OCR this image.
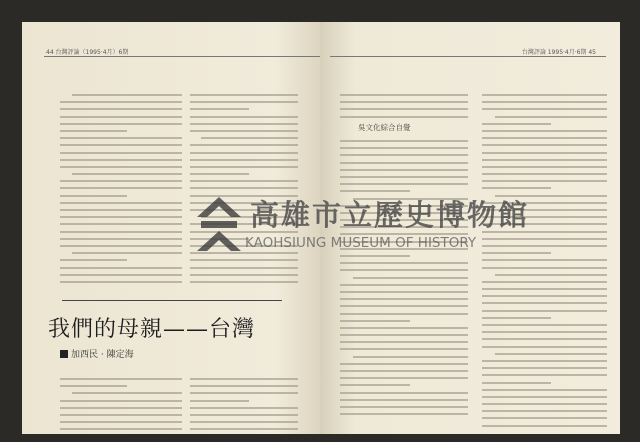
44 台灣評論（1995‧4月）6期
我們的母親——台灣
加西民 ‧ 陳定海
台灣評論 1995‧4月‧6期 45
吳文化綜合自覺
高雄市立歷史博物館
KAOHSIUNG MUSEUM OF HISTORY
